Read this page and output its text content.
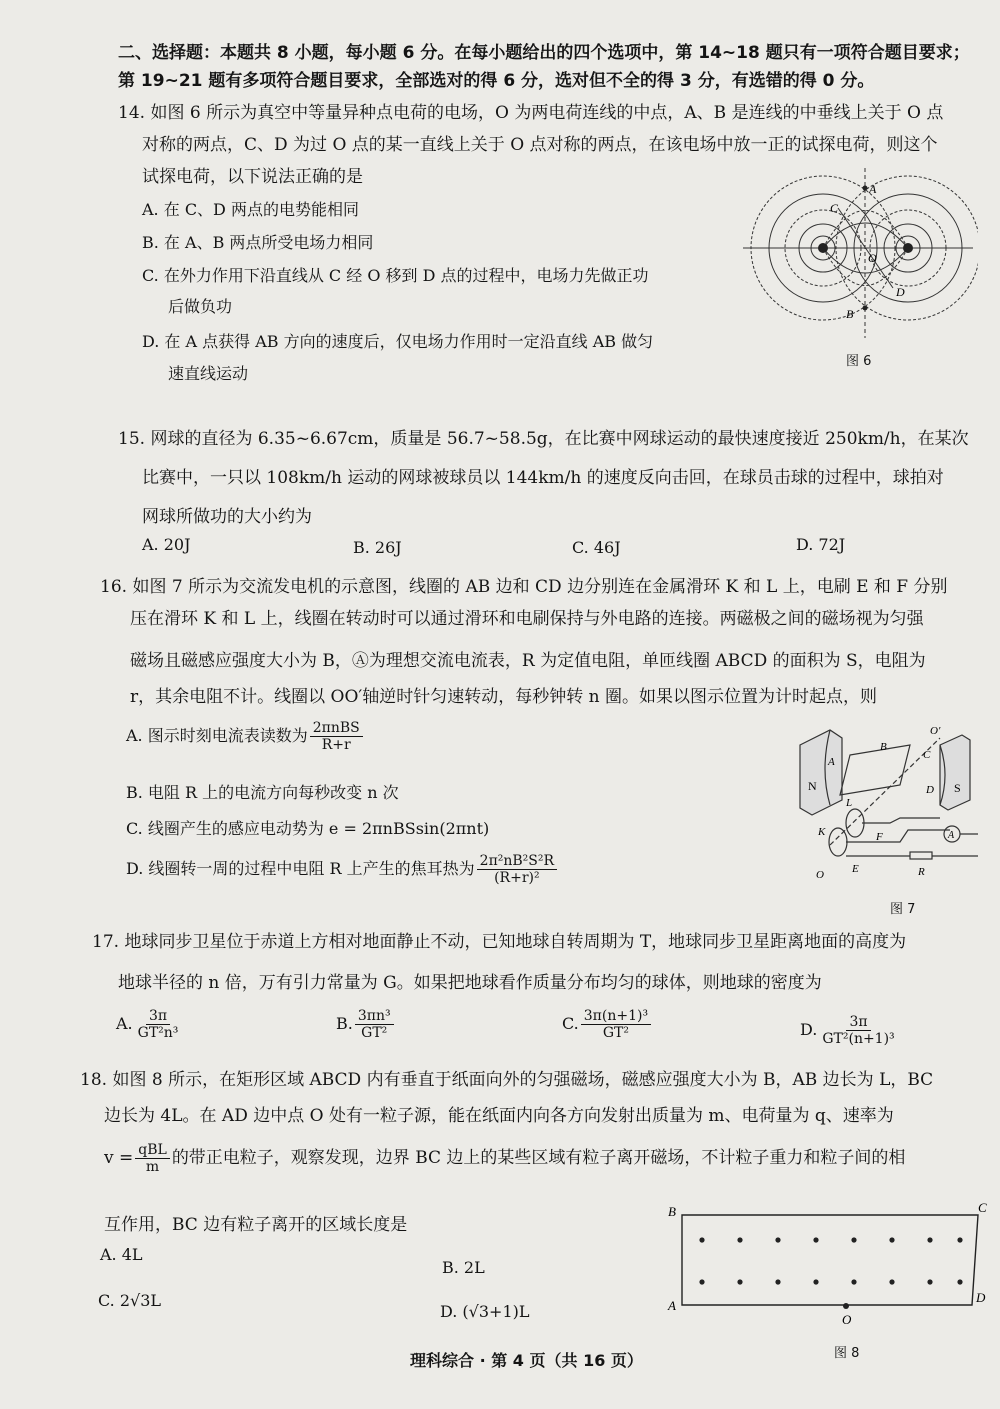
二、选择题：本题共 8 小题，每小题 6 分。在每小题给出的四个选项中，第 14~18 题只有一项符合题目要求；
第 19~21 题有多项符合题目要求，全部选对的得 6 分，选对但不全的得 3 分，有选错的得 0 分。
14. 如图 6 所示为真空中等量异种点电荷的电场，O 为两电荷连线的中点，A、B 是连线的中垂线上关于 O 点
对称的两点，C、D 为过 O 点的某一直线上关于 O 点对称的两点，在该电场中放一正的试探电荷，则这个
试探电荷，以下说法正确的是
A. 在 C、D 两点的电势能相同
B. 在 A、B 两点所受电场力相同
C. 在外力作用下沿直线从 C 经 O 移到 D 点的过程中，电场力先做正功
后做负功
D. 在 A 点获得 AB 方向的速度后，仅电场力作用时一定沿直线 AB 做匀
速直线运动
A
B
C
D
O
图 6
15. 网球的直径为 6.35~6.67cm，质量是 56.7~58.5g，在比赛中网球运动的最快速度接近 250km/h，在某次
比赛中，一只以 108km/h 运动的网球被球员以 144km/h 的速度反向击回，在球员击球的过程中，球拍对
网球所做功的大小约为
A. 20J	B. 26J	C. 46J	D. 72J
16. 如图 7 所示为交流发电机的示意图，线圈的 AB 边和 CD 边分别连在金属滑环 K 和 L 上，电刷 E 和 F 分别
压在滑环 K 和 L 上，线圈在转动时可以通过滑环和电刷保持与外电路的连接。两磁极之间的磁场视为匀强
磁场且磁感应强度大小为 B，Ⓐ为理想交流电流表，R 为定值电阻，单匝线圈 ABCD 的面积为 S，电阻为
r，其余电阻不计。线圈以 OO′轴逆时针匀速转动，每秒钟转 n 圈。如果以图示位置为计时起点，则
A. 图示时刻电流表读数为 $\frac{\text{2πnBS}}{R+r}$
B. 电阻 R 上的电流方向每秒改变 n 次
C. 线圈产生的感应电动势为 e = 2πnBSsin(2πnt)
D. 线圈转一周的过程中电阻 R 上产生的焦耳热为 $\frac{\text{2π²nB²S²R}}{\text{(R+r)²}}$
N	S
A
B
C
D
K
L
E
F
R
O
O′
A
图 7
17. 地球同步卫星位于赤道上方相对地面静止不动，已知地球自转周期为 T，地球同步卫星距离地面的高度为
地球半径的 n 倍，万有引力常量为 G。如果把地球看作质量分布均匀的球体，则地球的密度为
A. $\frac{3\pi}{\text{GT²n³}}$	B. $\frac{\text{3πn³}}{\text{GT²}}$	C. $\frac{\text{3π(n+1)³}}{\text{GT²}}$	D. $\frac{3\pi}{\text{GT²(n+1)³}}$
18. 如图 8 所示，在矩形区域 ABCD 内有垂直于纸面向外的匀强磁场，磁感应强度大小为 B，AB 边长为 L，BC
边长为 4L。在 AD 边中点 O 处有一粒子源，能在纸面内向各方向发射出质量为 m、电荷量为 q、速率为
$v = \frac{\text{qBL}}{m}$ 的带正电粒子，观察发现，边界 BC 边上的某些区域有粒子离开磁场，不计粒子重力和粒子间的相
互作用，BC 边有粒子离开的区域长度是
A. 4L
B. 2L
C. 2√3L
D. (√3+1)L
B
A
C
D
O
图 8
理科综合 · 第 4 页（共 16 页）
